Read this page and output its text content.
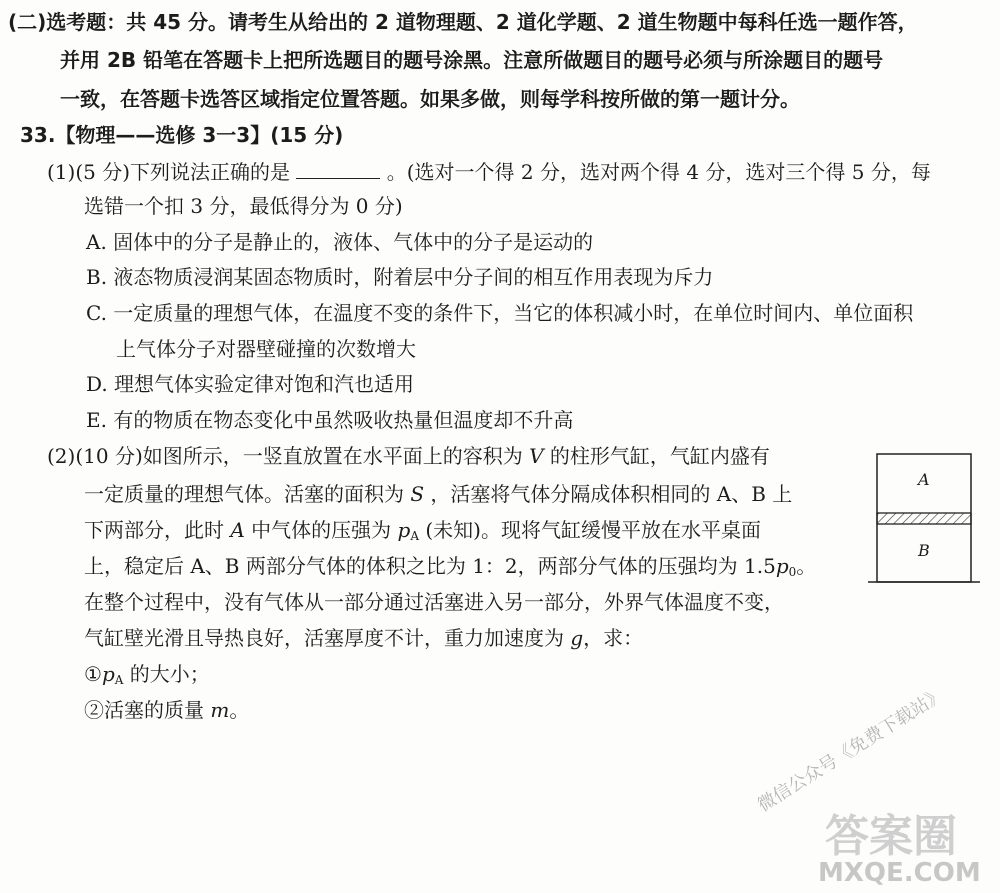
(二)选考题：共 45 分。请考生从给出的 2 道物理题、2 道化学题、2 道生物题中每科任选一题作答，
并用 2B 铅笔在答题卡上把所选题目的题号涂黑。注意所做题目的题号必须与所涂题目的题号
一致，在答题卡选答区域指定位置答题。如果多做，则每学科按所做的第一题计分。
33.【物理——选修 3一3】(15 分)
(1)(5 分)下列说法正确的是	。(选对一个得 2 分，选对两个得 4 分，选对三个得 5 分，每
选错一个扣 3 分，最低得分为 0 分)
A. 固体中的分子是静止的，液体、气体中的分子是运动的
B. 液态物质浸润某固态物质时，附着层中分子间的相互作用表现为斥力
C. 一定质量的理想气体，在温度不变的条件下，当它的体积减小时，在单位时间内、单位面积
上气体分子对器壁碰撞的次数增大
D. 理想气体实验定律对饱和汽也适用
E. 有的物质在物态变化中虽然吸收热量但温度却不升高
(2)(10 分)如图所示，一竖直放置在水平面上的容积为 V 的柱形气缸，气缸内盛有
一定质量的理想气体。活塞的面积为 S ，活塞将气体分隔成体积相同的 A、B 上
下两部分，此时 A 中气体的压强为 $p_A$ (未知)。现将气缸缓慢平放在水平桌面
上，稳定后 A、B 两部分气体的体积之比为 1：2，两部分气体的压强均为 $1.5p_0$。
在整个过程中，没有气体从一部分通过活塞进入另一部分，外界气体温度不变，
气缸壁光滑且导热良好，活塞厚度不计，重力加速度为 g，求：
$①p_A$ 的大小；
②活塞的质量 m。
A
B
微信公众号《免费下载站》
答案圈
MXQE.COM
